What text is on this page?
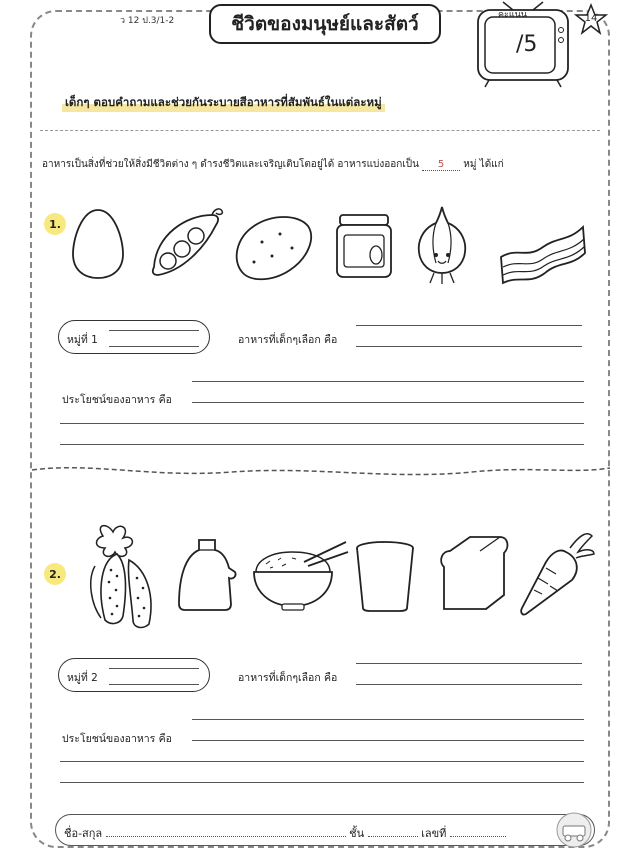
ว 12 ป.3/1-2	ชีวิตของมนุษย์และสัตว์	คะแนน
/5
14
เด็กๆ ตอบคำถามและช่วยกันระบายสีอาหารที่สัมพันธ์ในแต่ละหมู่
อาหารเป็นสิ่งที่ช่วยให้สิ่งมีชีวิตต่าง ๆ ดำรงชีวิตและเจริญเติบโตอยู่ได้ อาหารแบ่งออกเป็น 5 หมู่ ได้แก่
1.
หมู่ที่ 1	อาหารที่เด็กๆเลือก คือ
ประโยชน์ของอาหาร คือ
2.
หมู่ที่ 2	อาหารที่เด็กๆเลือก คือ
ประโยชน์ของอาหาร คือ
ชื่อ-สกุล	ชั้น	เลขที่
